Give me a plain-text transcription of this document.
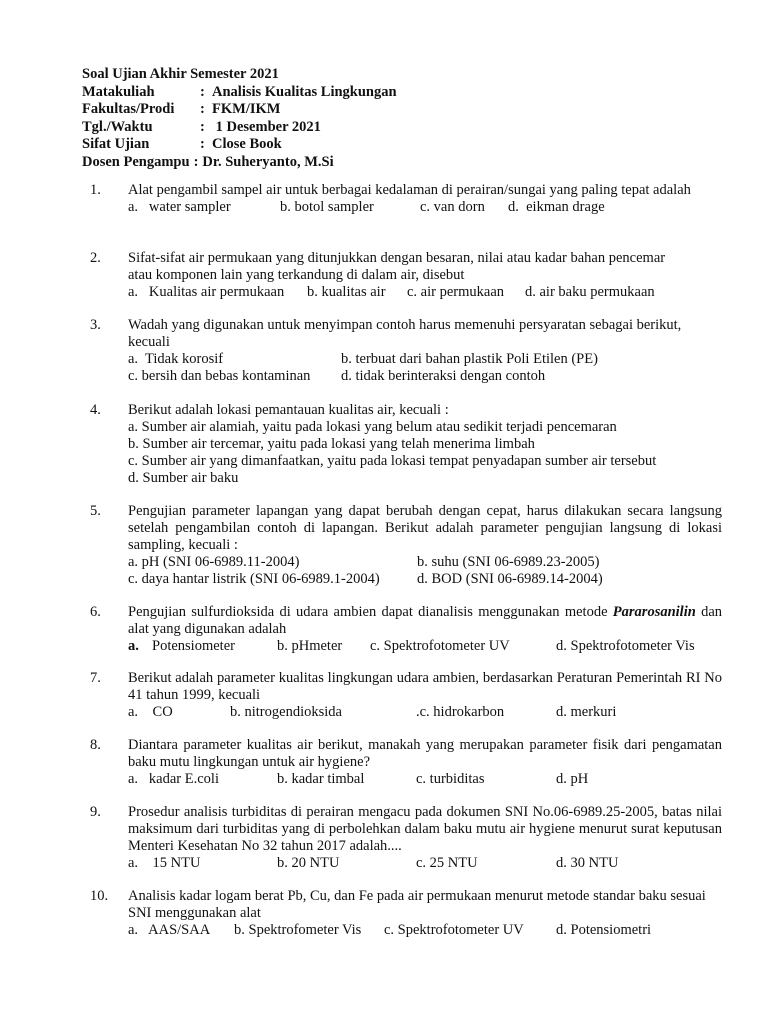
Soal Ujian Akhir Semester 2021
Matakuliah	: Analisis Kualitas Lingkungan
Fakultas/Prodi	: FKM/IKM
Tgl./Waktu	: 1 Desember 2021
Sifat Ujian	: Close Book
Dosen Pengampu : Dr. Suheryanto, M.Si
1.	Alat pengambil sampel air untuk berbagai kedalaman di perairan/sungai yang paling tepat adalah
a.   water sampler	b. botol sampler	c. van dorn d.  eikman drage
2.	Sifat-sifat air permukaan yang ditunjukkan dengan besaran, nilai atau kadar bahan pencemar atau komponen lain yang terkandung di dalam air, disebut
a.   Kualitas air permukaan b. kualitas air c. air permukaan d. air baku permukaan
3.	Wadah yang digunakan untuk menyimpan contoh harus memenuhi persyaratan sebagai berikut, kecuali
a.  Tidak korosif	b. terbuat dari bahan plastik Poli Etilen (PE)
c. bersih dan bebas kontaminan d. tidak berinteraksi dengan contoh
4.	Berikut adalah lokasi pemantauan kualitas air, kecuali :
a. Sumber air alamiah, yaitu pada lokasi yang belum atau sedikit terjadi pencemaran
b. Sumber air tercemar, yaitu pada lokasi yang telah menerima limbah
c. Sumber air yang dimanfaatkan, yaitu pada lokasi tempat penyadapan sumber air tersebut
d. Sumber air baku
5.	Pengujian parameter lapangan yang dapat berubah dengan cepat, harus dilakukan secara langsung setelah pengambilan contoh di lapangan. Berikut adalah parameter pengujian langsung di lokasi sampling, kecuali :
a. pH (SNI 06-6989.11-2004)	b. suhu (SNI 06-6989.23-2005)
c. daya hantar listrik (SNI 06-6989.1-2004)	d. BOD (SNI 06-6989.14-2004)
6.	Pengujian sulfurdioksida di udara ambien dapat dianalisis menggunakan metode Pararosanilin dan alat yang digunakan adalah
a. Potensiometer	b. pHmeter c. Spektrofotometer UV	d. Spektrofotometer Vis
7.	Berikut adalah parameter kualitas lingkungan udara ambien, berdasarkan Peraturan Pemerintah RI No 41 tahun 1999, kecuali
a.    CO	b. nitrogendioksida	.c. hidrokarbon	d. merkuri
8.	Diantara parameter kualitas air berikut, manakah yang merupakan parameter fisik dari pengamatan baku mutu lingkungan untuk air hygiene?
a.   kadar E.coli	b. kadar timbal	c. turbiditas	d. pH
9.	Prosedur analisis turbiditas di perairan mengacu pada dokumen SNI No.06-6989.25-2005, batas nilai maksimum dari turbiditas yang di perbolehkan dalam baku mutu air hygiene menurut surat keputusan Menteri Kesehatan No 32 tahun 2017 adalah....
a.    15 NTU	b. 20 NTU	c. 25 NTU	d. 30 NTU
10.	Analisis kadar logam berat Pb, Cu, dan Fe pada air permukaan menurut metode standar baku sesuai SNI menggunakan alat
a.   AAS/SAA b. Spektrofometer Vis c. Spektrofotometer UV d. Potensiometri
